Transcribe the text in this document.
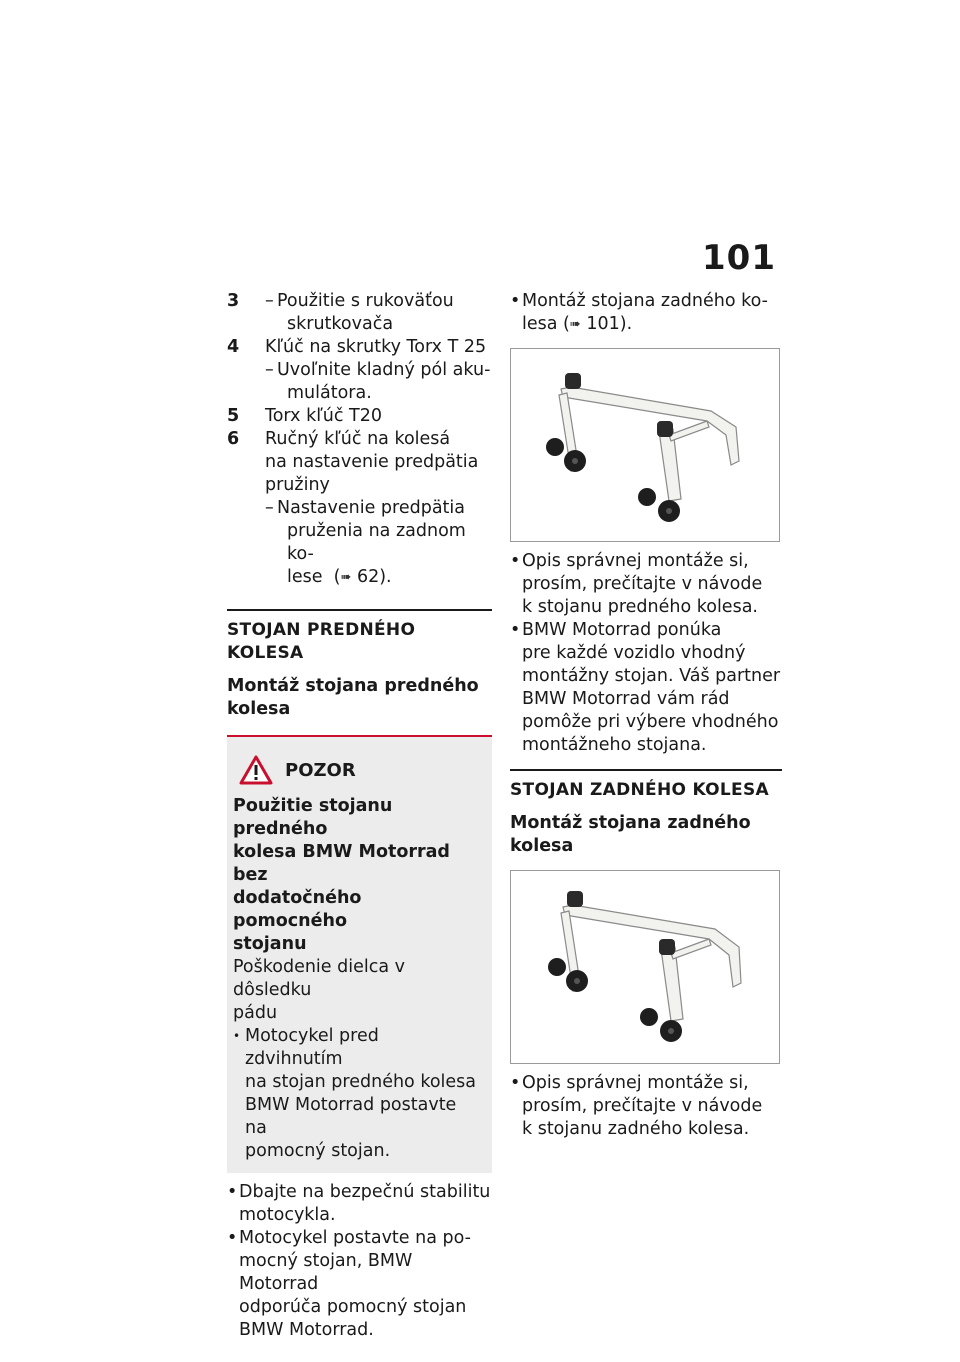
101
3	– Použitie s rukoväťou
skrutkovača
4	Kľúč na skrutky Torx T 25
– Uvoľnite kladný pól aku-
mulátora.
5	Torx kľúč T20
6	Ručný kľúč na kolesá
na nastavenie predpätia
pružiny
– Nastavenie predpätia
pruženia na zadnom ko-
lese  (➠ 62).
STOJAN PREDNÉHO KOLESA
Montáž stojana predného
kolesa
POZOR
Použitie stojanu predného
kolesa BMW Motorrad bez
dodatočného pomocného
stojanu
Poškodenie dielca v dôsledku
pádu
• Motocykel pred zdvihnutím
na stojan predného kolesa
BMW Motorrad postavte na
pomocný stojan.
• Dbajte na bezpečnú stabilitu
motocykla.
• Motocykel postavte na po-
mocný stojan, BMW Motorrad
odporúča pomocný stojan
BMW Motorrad.
• Montáž stojana zadného ko-
lesa (➠ 101).
• Opis správnej montáže si,
prosím, prečítajte v návode
k stojanu predného kolesa.
• BMW Motorrad ponúka
pre každé vozidlo vhodný
montážny stojan. Váš partner
BMW Motorrad vám rád
pomôže pri výbere vhodného
montážneho stojana.
STOJAN ZADNÉHO KOLESA
Montáž stojana zadného
kolesa
• Opis správnej montáže si,
prosím, prečítajte v návode
k stojanu zadného kolesa.
